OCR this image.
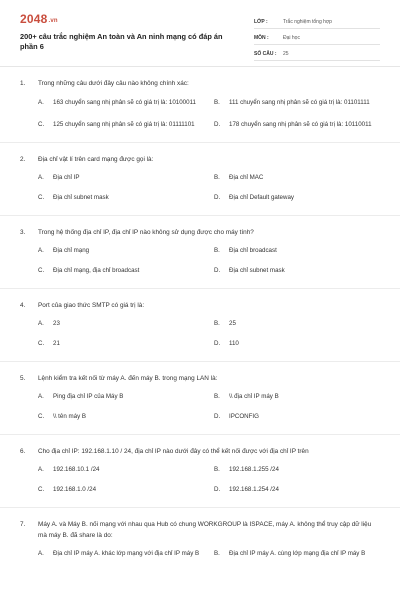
2048.vn
200+ câu trắc nghiệm An toàn và An ninh mạng có đáp án phần 6
LỚP :	Trắc nghiệm tổng hợp
MÔN :	Đại học
SỐ CÂU :	25
1.	Trong những câu dưới đây câu nào không chính xác:
A.	163 chuyển sang nhị phân sẽ có giá trị là: 10100011	B.	111 chuyển sang nhị phân sẽ có giá trị là: 01101111
C.	125 chuyển sang nhị phân sẽ có giá trị là: 01111101	D.	178 chuyển sang nhị phân sẽ có giá trị là: 10110011
2.	Địa chỉ vật lí trên card mạng được gọi là:
A.	Địa chỉ IP	B.	Địa chỉ MAC
C.	Địa chỉ subnet mask	D.	Địa chỉ Default gateway
3.	Trong hệ thống địa chỉ IP, địa chỉ IP nào không sử dụng được cho máy tính?
A.	Địa chỉ mạng	B.	Địa chỉ broadcast
C.	Địa chỉ mạng, địa chỉ broadcast	D.	Địa chỉ subnet mask
4.	Port của giao thức SMTP có giá trị là:
A.	23	B.	25
C.	21	D.	110
5.	Lệnh kiểm tra kết nối từ máy A. đến máy B. trong mạng LAN là:
A.	Ping địa chỉ IP của Máy B	B.	\\ địa chỉ IP máy B
C.	\\ tên máy B	D.	IPCONFIG
6.	Cho địa chỉ IP: 192.168.1.10 / 24, địa chỉ IP nào dưới đây có thể kết nối được với địa chỉ IP trên
A.	192.168.10.1 /24	B.	192.168.1.255 /24
C.	192.168.1.0 /24	D.	192.168.1.254 /24
7.	Máy A. và Máy B. nối mạng với nhau qua Hub có chung WORKGROUP là ISPACE, máy A. không thể truy cập dữ liệu mà máy B. đã share là do:
A.	Địa chỉ IP máy A. khác lớp mạng với địa chỉ IP máy B	B.	Địa chỉ IP máy A. cùng lớp mạng địa chỉ IP máy B
